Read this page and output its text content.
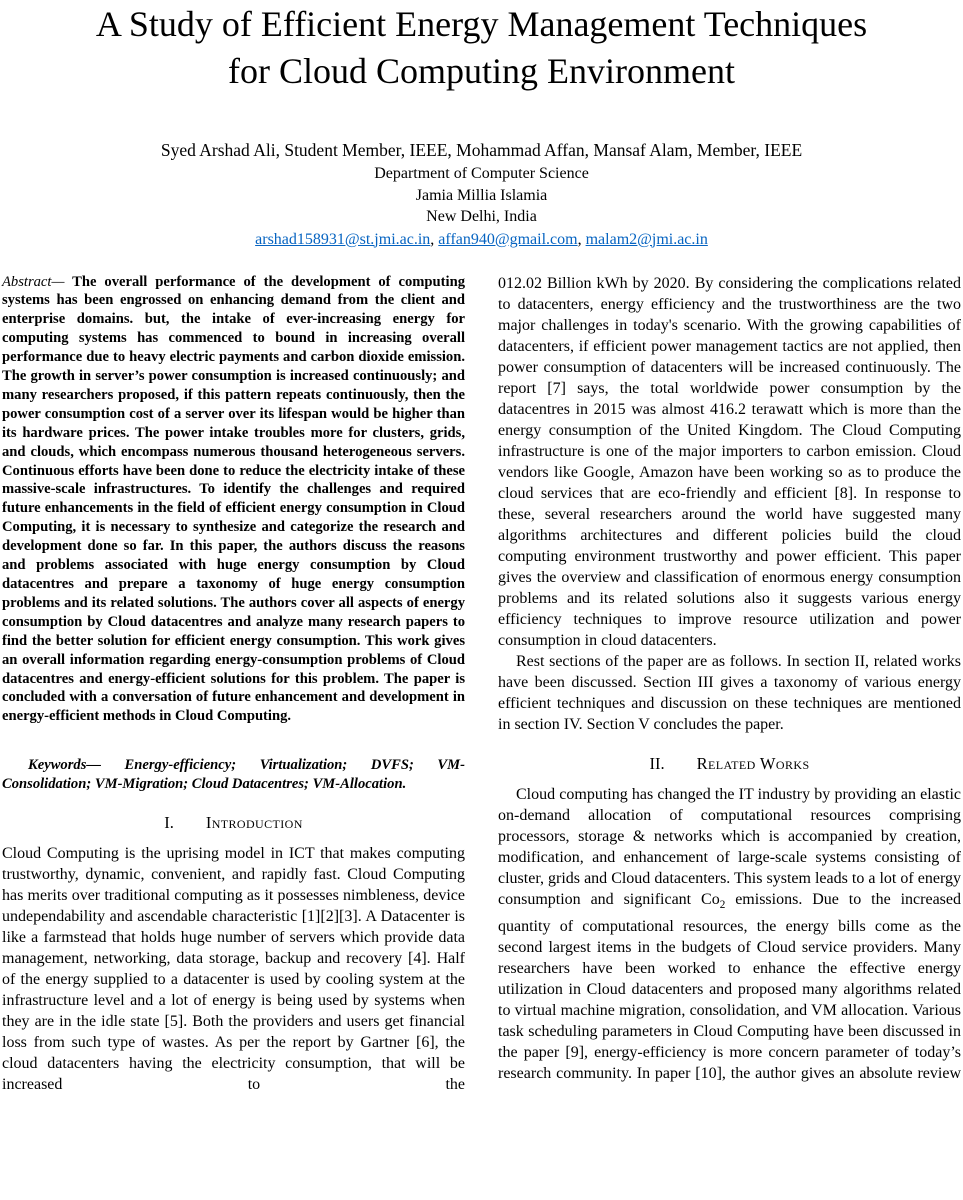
A Study of Efficient Energy Management Techniques
for Cloud Computing Environment
Syed Arshad Ali, Student Member, IEEE, Mohammad Affan, Mansaf Alam, Member, IEEE
Department of Computer Science
Jamia Millia Islamia
New Delhi, India
arshad158931@st.jmi.ac.in, affan940@gmail.com, malam2@jmi.ac.in

Abstract— The overall performance of the development of computing systems has been engrossed on enhancing demand from the client and enterprise domains. but, the intake of ever-increasing energy for computing systems has commenced to bound in increasing overall performance due to heavy electric payments and carbon dioxide emission. The growth in server’s power consumption is increased continuously; and many researchers proposed, if this pattern repeats continuously, then the power consumption cost of a server over its lifespan would be higher than its hardware prices. The power intake troubles more for clusters, grids, and clouds, which encompass numerous thousand heterogeneous servers. Continuous efforts have been done to reduce the electricity intake of these massive-scale infrastructures. To identify the challenges and required future enhancements in the field of efficient energy consumption in Cloud Computing, it is necessary to synthesize and categorize the research and development done so far. In this paper, the authors discuss the reasons and problems associated with huge energy consumption by Cloud datacentres and prepare a taxonomy of huge energy consumption problems and its related solutions. The authors cover all aspects of energy consumption by Cloud datacentres and analyze many research papers to find the better solution for efficient energy consumption. This work gives an overall information regarding energy-consumption problems of Cloud datacentres and energy-efficient solutions for this problem. The paper is concluded with a conversation of future enhancement and development in energy-efficient methods in Cloud Computing.

Keywords— Energy-efficiency; Virtualization; DVFS; VM-Consolidation; VM-Migration; Cloud Datacentres; VM-Allocation.

I. Introduction

Cloud Computing is the uprising model in ICT that makes computing trustworthy, dynamic, convenient, and rapidly fast. Cloud Computing has merits over traditional computing as it possesses nimbleness, device undependability and ascendable characteristic [1][2][3]. A Datacenter is like a farmstead that holds huge number of servers which provide data management, networking, data storage, backup and recovery [4]. Half of the energy supplied to a datacenter is used by cooling system at the infrastructure level and a lot of energy is being used by systems when they are in the idle state [5]. Both the providers and users get financial loss from such type of wastes. As per the report by Gartner [6], the cloud datacenters having the electricity consumption, that will be increased to the

012.02 Billion kWh by 2020. By considering the complications related to datacenters, energy efficiency and the trustworthiness are the two major challenges in today's scenario. With the growing capabilities of datacenters, if efficient power management tactics are not applied, then power consumption of datacenters will be increased continuously. The report [7] says, the total worldwide power consumption by the datacentres in 2015 was almost 416.2 terawatt which is more than the energy consumption of the United Kingdom. The Cloud Computing infrastructure is one of the major importers to carbon emission. Cloud vendors like Google, Amazon have been working so as to produce the cloud services that are eco-friendly and efficient [8]. In response to these, several researchers around the world have suggested many algorithms architectures and different policies build the cloud computing environment trustworthy and power efficient. This paper gives the overview and classification of enormous energy consumption problems and its related solutions also it suggests various energy efficiency techniques to improve resource utilization and power consumption in cloud datacenters.

Rest sections of the paper are as follows. In section II, related works have been discussed. Section III gives a taxonomy of various energy efficient techniques and discussion on these techniques are mentioned in section IV. Section V concludes the paper.

II. Related Works

Cloud computing has changed the IT industry by providing an elastic on-demand allocation of computational resources comprising processors, storage & networks which is accompanied by creation, modification, and enhancement of large-scale systems consisting of cluster, grids and Cloud datacenters. This system leads to a lot of energy consumption and significant $Co_2$ emissions. Due to the increased quantity of computational resources, the energy bills come as the second largest items in the budgets of Cloud service providers. Many researchers have been worked to enhance the effective energy utilization in Cloud datacenters and proposed many algorithms related to virtual machine migration, consolidation, and VM allocation. Various task scheduling parameters in Cloud Computing have been discussed in the paper [9], energy-efficiency is more concern parameter of today’s research community. In paper [10], the author gives an absolute review
